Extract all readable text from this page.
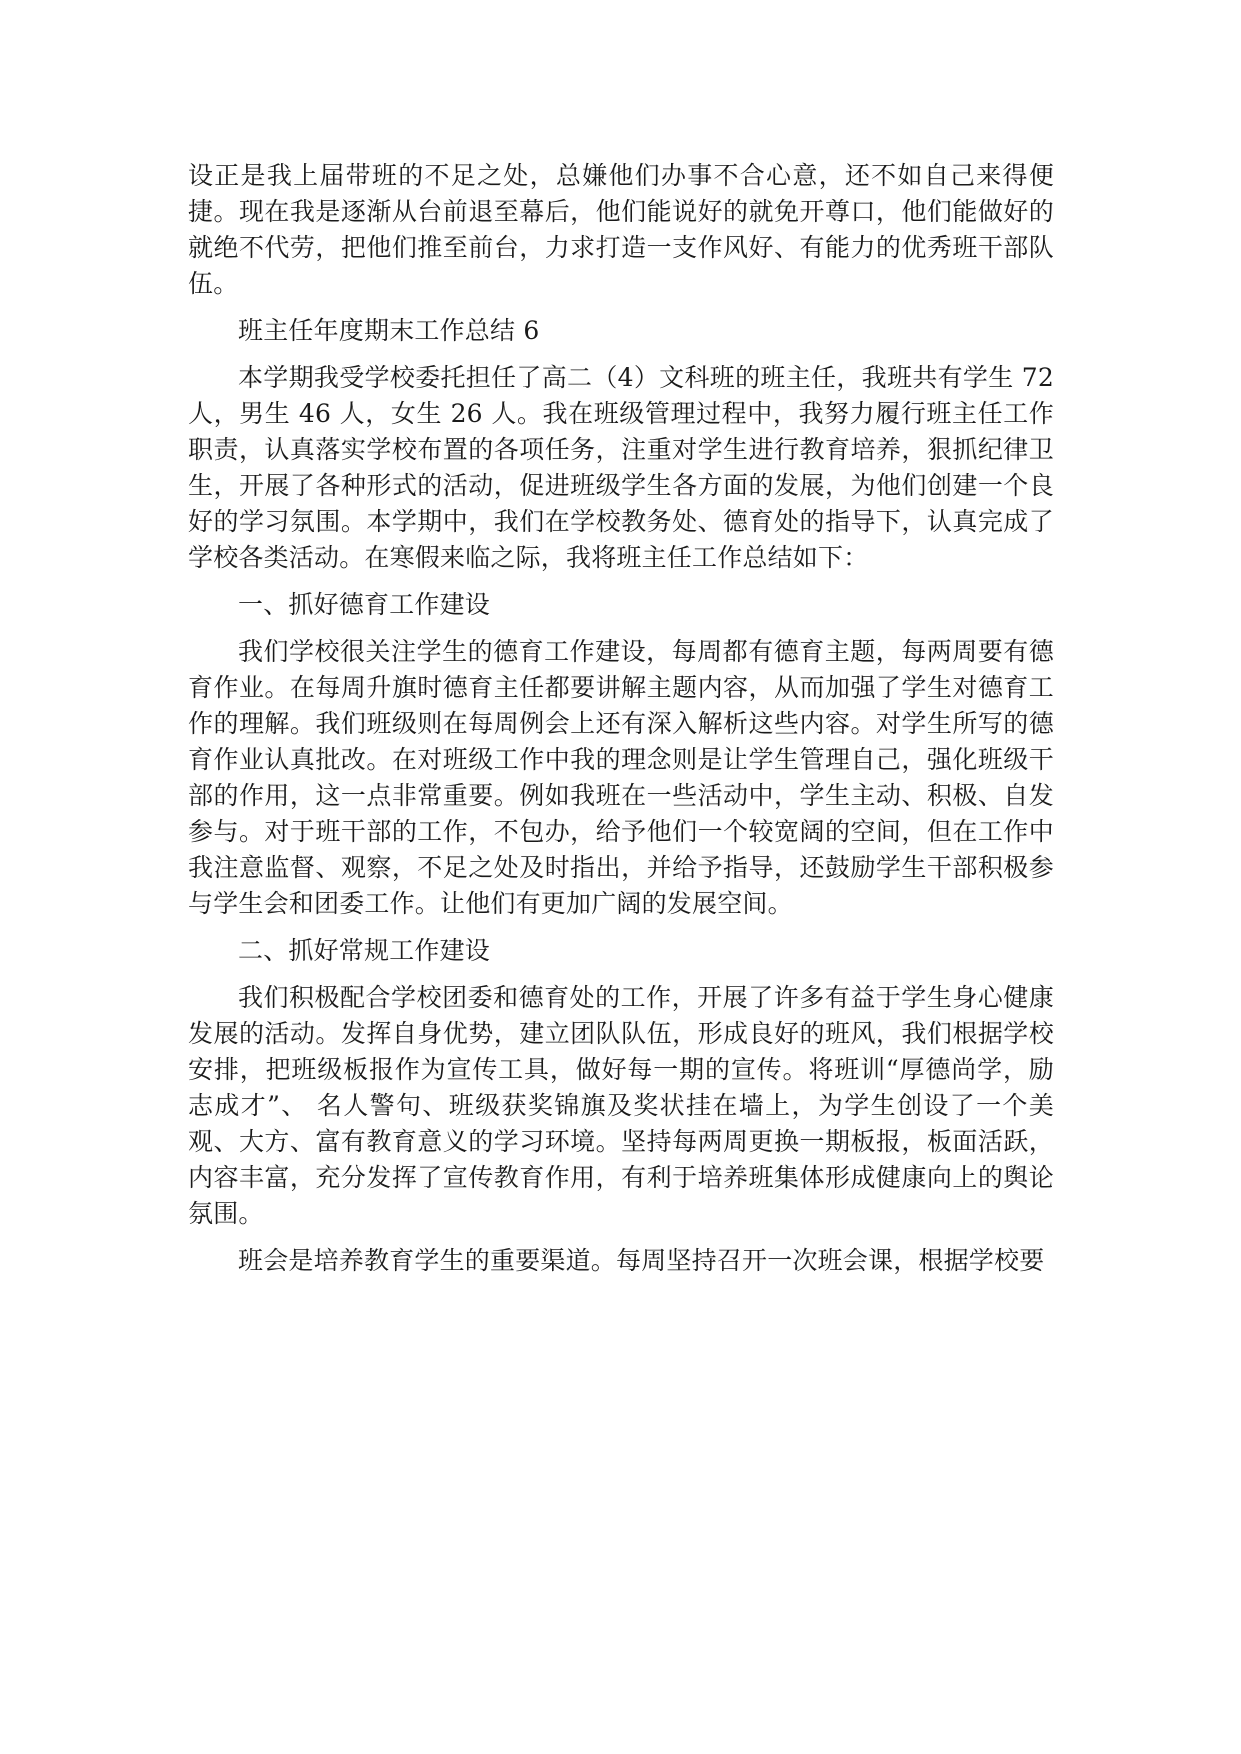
设正是我上届带班的不足之处，总嫌他们办事不合心意，还不如自己来得便捷。现在我是逐渐从台前退至幕后，他们能说好的就免开尊口，他们能做好的就绝不代劳，把他们推至前台，力求打造一支作风好、有能力的优秀班干部队伍。

班主任年度期末工作总结 6

本学期我受学校委托担任了高二（4）文科班的班主任，我班共有学生 72 人，男生 46 人，女生 26 人。我在班级管理过程中，我努力履行班主任工作职责，认真落实学校布置的各项任务，注重对学生进行教育培养，狠抓纪律卫生，开展了各种形式的活动，促进班级学生各方面的发展，为他们创建一个良好的学习氛围。本学期中，我们在学校教务处、德育处的指导下，认真完成了学校各类活动。在寒假来临之际，我将班主任工作总结如下：

一、抓好德育工作建设

我们学校很关注学生的德育工作建设，每周都有德育主题，每两周要有德育作业。在每周升旗时德育主任都要讲解主题内容，从而加强了学生对德育工作的理解。我们班级则在每周例会上还有深入解析这些内容。对学生所写的德育作业认真批改。在对班级工作中我的理念则是让学生管理自己，强化班级干部的作用，这一点非常重要。例如我班在一些活动中，学生主动、积极、自发参与。对于班干部的工作，不包办，给予他们一个较宽阔的空间，但在工作中我注意监督、观察，不足之处及时指出，并给予指导，还鼓励学生干部积极参与学生会和团委工作。让他们有更加广阔的发展空间。

二、抓好常规工作建设

我们积极配合学校团委和德育处的工作，开展了许多有益于学生身心健康发展的活动。发挥自身优势，建立团队队伍，形成良好的班风，我们根据学校安排，把班级板报作为宣传工具，做好每一期的宣传。将班训“厚德尚学，励志成才”、 名人警句、班级获奖锦旗及奖状挂在墙上，为学生创设了一个美观、大方、富有教育意义的学习环境。坚持每两周更换一期板报，板面活跃，内容丰富，充分发挥了宣传教育作用，有利于培养班集体形成健康向上的舆论氛围。

班会是培养教育学生的重要渠道。每周坚持召开一次班会课，根据学校要
